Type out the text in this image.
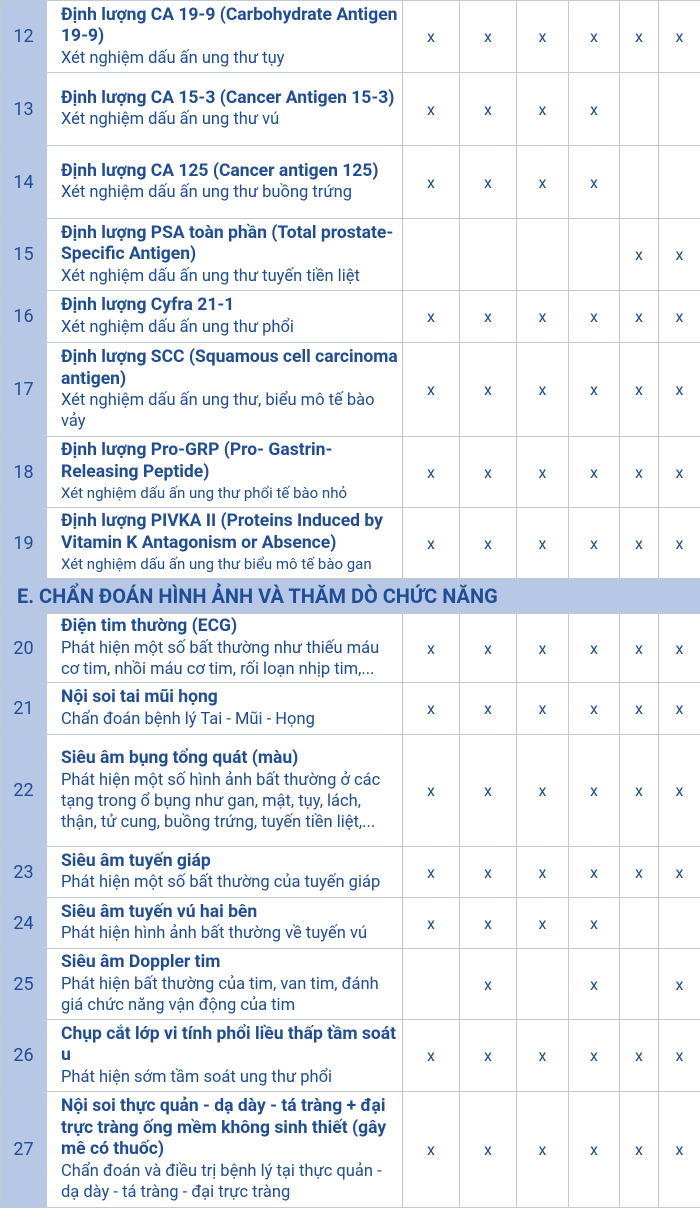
12	Định lượng CA 19-9 (Carbohydrate Antigen 19-9)
Xét nghiệm dấu ấn ung thư tụy	x	x	x	x	x	x
13	Định lượng CA 15-3 (Cancer Antigen 15-3)
Xét nghiệm dấu ấn ung thư vú	x	x	x	x		
14	Định lượng CA 125 (Cancer antigen 125)
Xét nghiệm dấu ấn ung thư buồng trứng	x	x	x	x		
15	Định lượng PSA toàn phần (Total prostate-Specific Antigen)
Xét nghiệm dấu ấn ung thư tuyến tiền liệt					x	x
16	Định lượng Cyfra 21-1
Xét nghiệm dấu ấn ung thư phổi	x	x	x	x	x	x
17	Định lượng SCC (Squamous cell carcinoma antigen)
Xét nghiệm dấu ấn ung thư, biểu mô tế bào vảy	x	x	x	x	x	x
18	Định lượng Pro-GRP (Pro- Gastrin-Releasing Peptide)
Xét nghiệm dấu ấn ung thư phổi tế bào nhỏ	x	x	x	x	x	x
19	Định lượng PIVKA II (Proteins Induced by Vitamin K Antagonism or Absence)
Xét nghiệm dấu ấn ung thư biểu mô tế bào gan	x	x	x	x	x	x
E. CHẨN ĐOÁN HÌNH ẢNH VÀ THĂM DÒ CHỨC NĂNG							
20	Điện tim thường (ECG)
Phát hiện một số bất thường như thiếu máu cơ tim, nhồi máu cơ tim, rối loạn nhịp tim,...	x	x	x	x	x	x
21	Nội soi tai mũi họng
Chẩn đoán bệnh lý Tai - Mũi - Họng	x	x	x	x	x	x
22	Siêu âm bụng tổng quát (màu)
Phát hiện một số hình ảnh bất thường ở các tạng trong ổ bụng như gan, mật, tụy, lách, thận, tử cung, buồng trứng, tuyến tiền liệt,...	x	x	x	x	x	x
23	Siêu âm tuyến giáp
Phát hiện một số bất thường của tuyến giáp	x	x	x	x	x	x
24	Siêu âm tuyến vú hai bên
Phát hiện hình ảnh bất thường về tuyến vú	x	x	x	x		
25	Siêu âm Doppler tim
Phát hiện bất thường của tim, van tim, đánh giá chức năng vận động của tim		x		x		x
26	Chụp cắt lớp vi tính phổi liều thấp tầm soát u
Phát hiện sớm tầm soát ung thư phổi	x	x	x	x	x	x
27	Nội soi thực quản - dạ dày - tá tràng + đại trực tràng ống mềm không sinh thiết (gây mê có thuốc)
Chẩn đoán và điều trị bệnh lý tại thực quản - dạ dày - tá tràng - đại trực tràng	x	x	x	x	x	x
